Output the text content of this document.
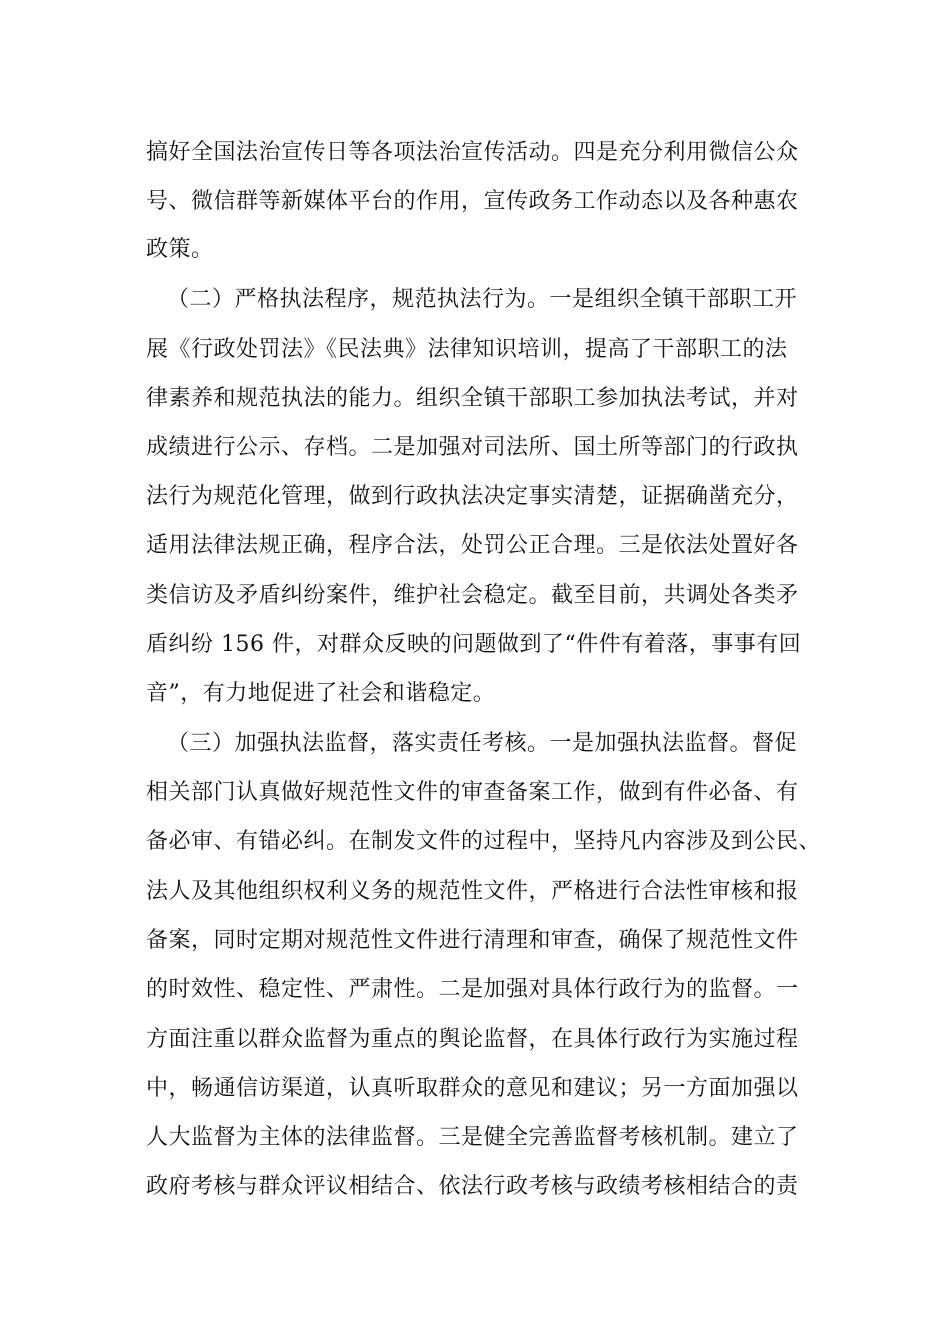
搞好全国法治宣传日等各项法治宣传活动。四是充分利用微信公众
号、微信群等新媒体平台的作用，宣传政务工作动态以及各种惠农
政策。
（二）严格执法程序，规范执法行为。一是组织全镇干部职工开
展《行政处罚法》《民法典》法律知识培训，提高了干部职工的法
律素养和规范执法的能力。组织全镇干部职工参加执法考试，并对
成绩进行公示、存档。二是加强对司法所、国土所等部门的行政执
法行为规范化管理，做到行政执法决定事实清楚，证据确凿充分，
适用法律法规正确，程序合法，处罚公正合理。三是依法处置好各
类信访及矛盾纠纷案件，维护社会稳定。截至目前，共调处各类矛
盾纠纷 156 件，对群众反映的问题做到了“件件有着落，事事有回
音”，有力地促进了社会和谐稳定。
（三）加强执法监督，落实责任考核。一是加强执法监督。督促
相关部门认真做好规范性文件的审查备案工作，做到有件必备、有
备必审、有错必纠。在制发文件的过程中，坚持凡内容涉及到公民、
法人及其他组织权利义务的规范性文件，严格进行合法性审核和报
备案，同时定期对规范性文件进行清理和审查，确保了规范性文件
的时效性、稳定性、严肃性。二是加强对具体行政行为的监督。一
方面注重以群众监督为重点的舆论监督，在具体行政行为实施过程
中，畅通信访渠道，认真听取群众的意见和建议；另一方面加强以
人大监督为主体的法律监督。三是健全完善监督考核机制。建立了
政府考核与群众评议相结合、依法行政考核与政绩考核相结合的责
